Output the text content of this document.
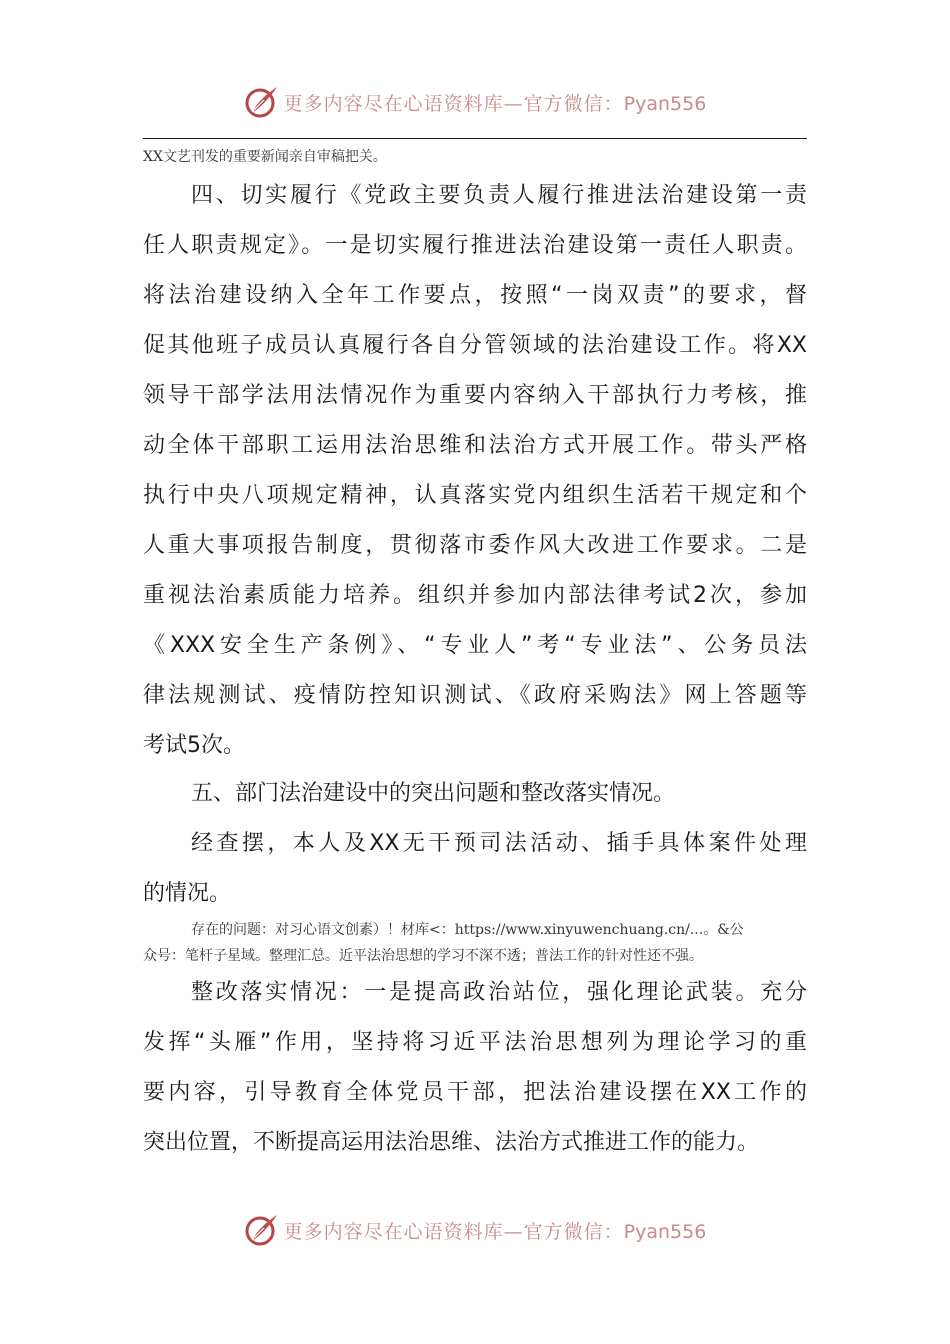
更多内容尽在心语资料库—官方微信：Pyan556
XX文艺刊发的重要新闻亲自审稿把关。
四、切实履行《党政主要负责人履行推进法治建设第一责
任人职责规定》。一是切实履行推进法治建设第一责任人职责。
将法治建设纳入全年工作要点，按照“一岗双责”的要求，督
促其他班子成员认真履行各自分管领域的法治建设工作。将XX
领导干部学法用法情况作为重要内容纳入干部执行力考核，推
动全体干部职工运用法治思维和法治方式开展工作。带头严格
执行中央八项规定精神，认真落实党内组织生活若干规定和个
人重大事项报告制度，贯彻落市委作风大改进工作要求。二是
重视法治素质能力培养。组织并参加内部法律考试2次，参加
《XXX安全生产条例》、“专业人”考“专业法”、公务员法
律法规测试、疫情防控知识测试、《政府采购法》网上答题等
考试5次。
五、部门法治建设中的突出问题和整改落实情况。
经查摆，本人及XX无干预司法活动、插手具体案件处理
的情况。
存在的问题：对习心语文创素）！材库<：https://www.xinyuwenchuang.cn/...。&公
众号：笔杆子星域。整理汇总。近平法治思想的学习不深不透；普法工作的针对性还不强。
整改落实情况：一是提高政治站位，强化理论武装。充分
发挥“头雁”作用，坚持将习近平法治思想列为理论学习的重
要内容，引导教育全体党员干部，把法治建设摆在XX工作的
突出位置，不断提高运用法治思维、法治方式推进工作的能力。
更多内容尽在心语资料库—官方微信：Pyan556
